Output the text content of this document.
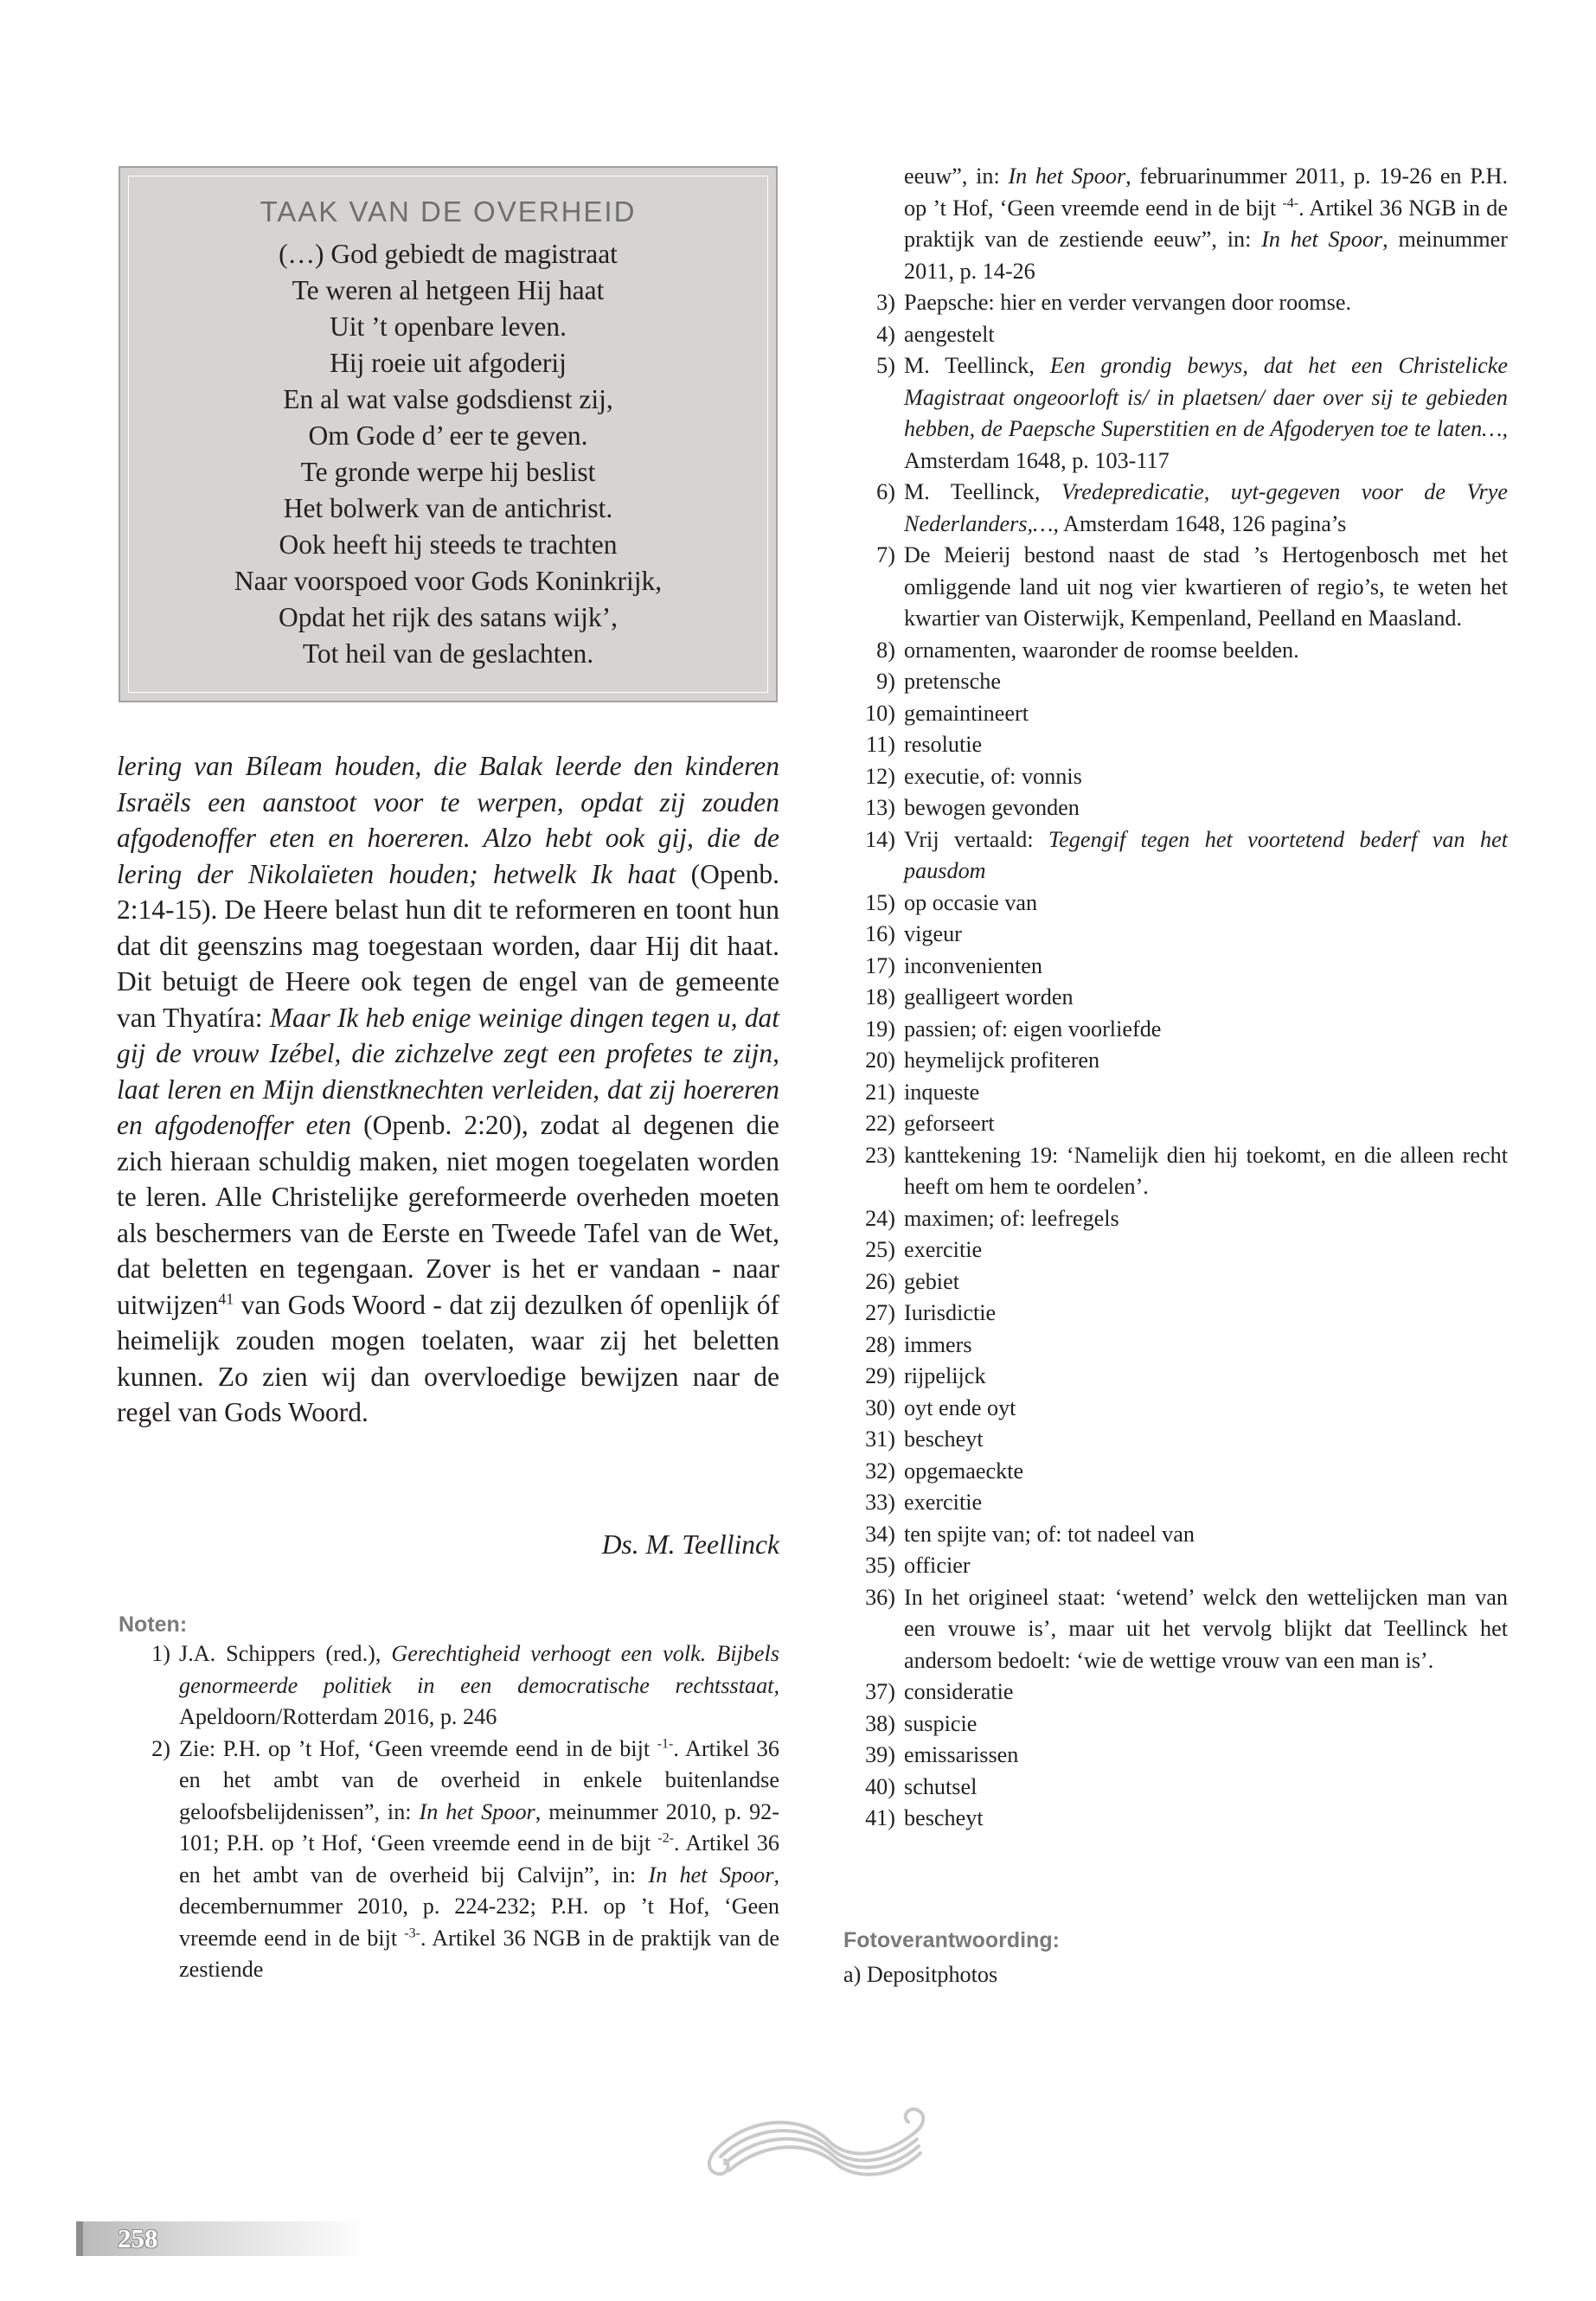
TAAK VAN DE OVERHEID
(…) God gebiedt de magistraat
Te weren al hetgeen Hij haat
Uit ’t openbare leven.
Hij roeie uit afgoderij
En al wat valse godsdienst zij,
Om Gode d’ eer te geven.
Te gronde werpe hij beslist
Het bolwerk van de antichrist.
Ook heeft hij steeds te trachten
Naar voorspoed voor Gods Koninkrijk,
Opdat het rijk des satans wijk’,
Tot heil van de geslachten.

lering van Bíleam houden, die Balak leerde den kinderen Israëls een aanstoot voor te werpen, opdat zij zouden afgodenoffer eten en hoereren. Alzo hebt ook gij, die de lering der Nikolaïeten houden; hetwelk Ik haat (Openb. 2:14-15). De Heere belast hun dit te reformeren en toont hun dat dit geenszins mag toegestaan worden, daar Hij dit haat. Dit betuigt de Heere ook tegen de engel van de gemeente van Thyatíra: Maar Ik heb enige weinige dingen tegen u, dat gij de vrouw Izébel, die zichzelve zegt een profetes te zijn, laat leren en Mijn dienstknechten verleiden, dat zij hoereren en afgodenoffer eten (Openb. 2:20), zodat al degenen die zich hieraan schuldig maken, niet mogen toegelaten worden te leren. Alle Christelijke gereformeerde overheden moeten als beschermers van de Eerste en Tweede Tafel van de Wet, dat beletten en tegengaan. Zover is het er vandaan - naar uitwijzen$^{41}$ van Gods Woord - dat zij dezulken óf openlijk óf heimelijk zouden mogen toelaten, waar zij het beletten kunnen. Zo zien wij dan overvloedige bewijzen naar de regel van Gods Woord.

Ds. M. Teellinck
Noten:
1) J.A. Schippers (red.), Gerechtigheid verhoogt een volk. Bijbels genormeerde politiek in een democratische rechtsstaat, Apeldoorn/Rotterdam 2016, p. 246
2) Zie: P.H. op ’t Hof, ‘Geen vreemde eend in de bijt $^{-1-}$. Artikel 36 en het ambt van de overheid in enkele buitenlandse geloofsbelijdenissen”, in: In het Spoor, meinummer 2010, p. 92-101; P.H. op ’t Hof, ‘Geen vreemde eend in de bijt $^{-2-}$. Artikel 36 en het ambt van de overheid bij Calvijn”, in: In het Spoor, decembernummer 2010, p. 224-232; P.H. op ’t Hof, ‘Geen vreemde eend in de bijt $^{-3-}$. Artikel 36 NGB in de praktijk van de zestiende
eeuw”, in: In het Spoor, februarinummer 2011, p. 19-26 en P.H. op ’t Hof, ‘Geen vreemde eend in de bijt $^{-4-}$. Artikel 36 NGB in de praktijk van de zestiende eeuw”, in: In het Spoor, meinummer 2011, p. 14-26
3) Paepsche: hier en verder vervangen door roomse.
4) aengestelt
5) M. Teellinck, Een grondig bewys, dat het een Christelicke Magistraat ongeoorloft is/ in plaetsen/ daer over sij te gebieden hebben, de Paepsche Superstitien en de Afgoderyen toe te laten…, Amsterdam 1648, p. 103-117
6) M. Teellinck, Vredepredicatie, uyt-gegeven voor de Vrye Nederlanders,…, Amsterdam 1648, 126 pagina’s
7) De Meierij bestond naast de stad ’s Hertogenbosch met het omliggende land uit nog vier kwartieren of regio’s, te weten het kwartier van Oisterwijk, Kempenland, Peelland en Maasland.
8) ornamenten, waaronder de roomse beelden.
9) pretensche
10) gemaintineert
11) resolutie
12) executie, of: vonnis
13) bewogen gevonden
14) Vrij vertaald: Tegengif tegen het voortetend bederf van het pausdom
15) op occasie van
16) vigeur
17) inconvenienten
18) gealligeert worden
19) passien; of: eigen voorliefde
20) heymelijck profiteren
21) inqueste
22) geforseert
23) kanttekening 19: ‘Namelijk dien hij toekomt, en die alleen recht heeft om hem te oordelen’.
24) maximen; of: leefregels
25) exercitie
26) gebiet
27) Iurisdictie
28) immers
29) rijpelijck
30) oyt ende oyt
31) bescheyt
32) opgemaeckte
33) exercitie
34) ten spijte van; of: tot nadeel van
35) officier
36) In het origineel staat: ‘wetend’ welck den wettelijcken man van een vrouwe is’, maar uit het vervolg blijkt dat Teellinck het andersom bedoelt: ‘wie de wettige vrouw van een man is’.
37) consideratie
38) suspicie
39) emissarissen
40) schutsel
41) bescheyt
Fotoverantwoording:
a) Depositphotos
258
